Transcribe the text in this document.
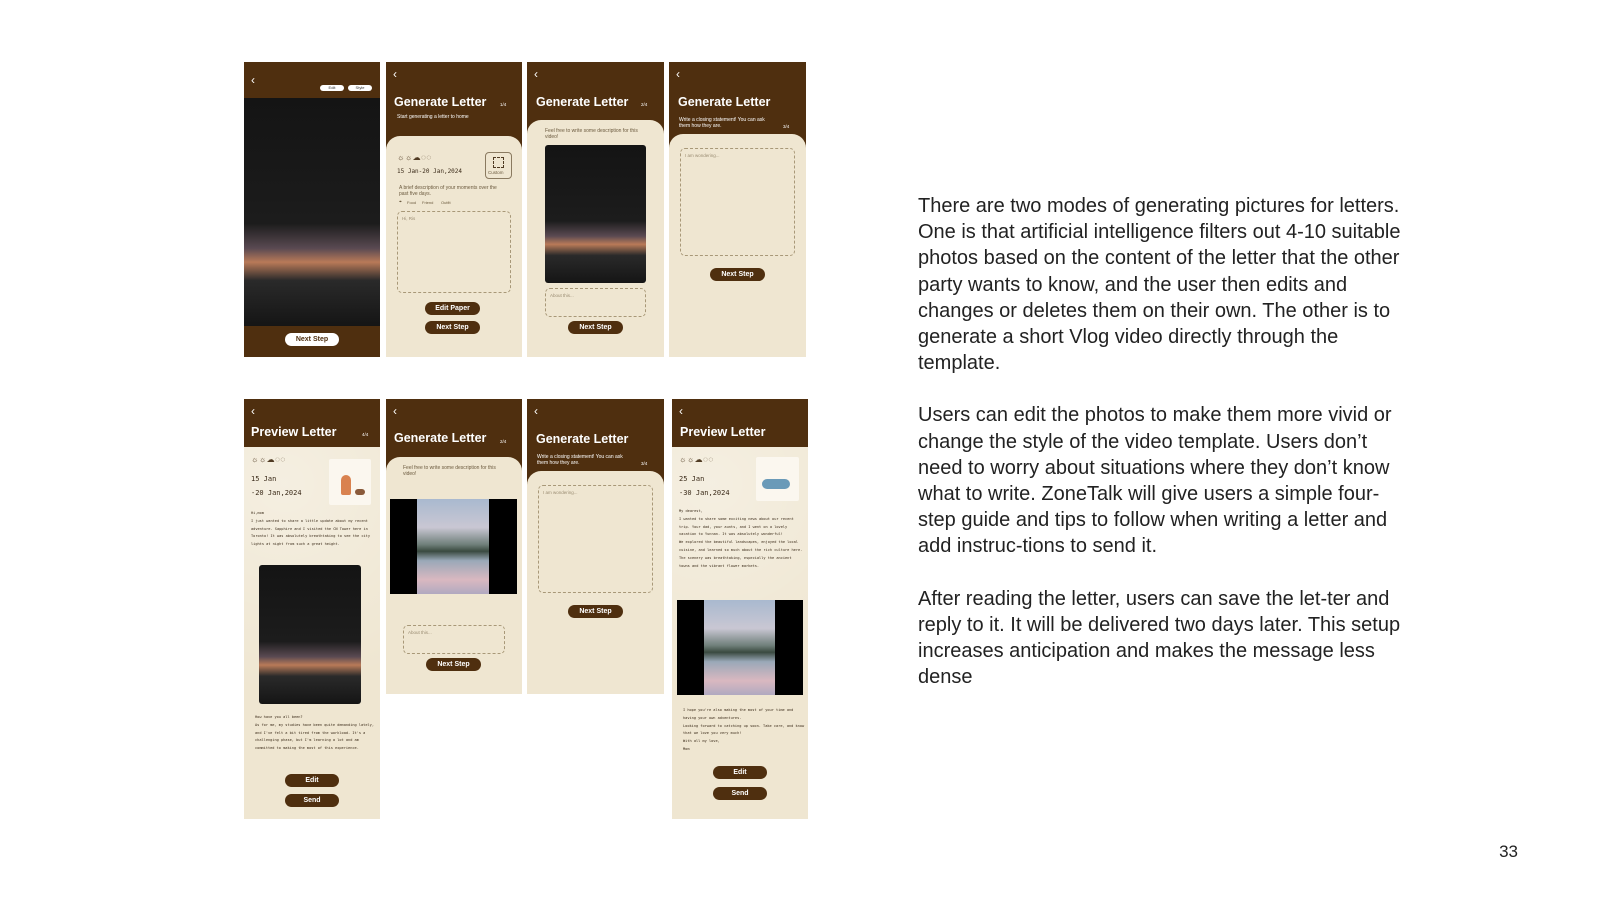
‹
Edit	Style
Next Step
‹
Generate Letter	1/4
Start generating a letter to home
☼☼☁◌◌
Custom
15 Jan-20 Jan,2024
A brief description of your moments over the past five days.
⌖ Food Friend Outfit
Hi, Ris
Edit Paper
Next Step
‹
Generate Letter	2/4
Feel free to write some description for this video!
About this...
Next Step
‹
Generate Letter
Write a closing statement! You can ask them how they are.	3/4
I am wondering...
Next Step
‹
Preview Letter	4/4
☼☼☁◌◌
15 Jan
-20 Jan,2024
Hi,mom
I just wanted to share a little update about my recent adventure. Sapphire and I visited the CN Tower here in Toronto! It was absolutely breathtaking to see the city lights at night from such a great height.
How have you all been?
As for me, my studies have been quite demanding lately, and I've felt a bit tired from the workload. It's a challenging phase, but I'm learning a lot and am committed to making the most of this experience.
Edit
Send
‹
Generate Letter	2/4
Feel free to write some description for this video!
About this...
Next Step
‹
Generate Letter
Write a closing statement! You can ask them how they are.	3/4
I am wondering...
Next Step
‹
Preview Letter
☼☼☁◌◌
25 Jan
-30 Jan,2024
My dearest,
I wanted to share some exciting news about our recent trip. Your dad, your aunts, and I went on a lovely vacation to Yunnan. It was absolutely wonderful!
We explored the beautiful landscapes, enjoyed the local cuisine, and learned so much about the rich culture here. The scenery was breathtaking, especially the ancient towns and the vibrant flower markets.
I hope you're also making the most of your time and having your own adventures.
Looking forward to catching up soon. Take care, and know that we love you very much!
With all my love,
Mom
Edit
Send

There are two modes of generating pictures for letters. One is that artificial intelligence filters out 4-10 suitable photos based on the content of the letter that the other party wants to know, and the user then edits and changes or deletes them on their own. The other is to generate a short Vlog video directly through the template.

Users can edit the photos to make them more vivid or change the style of the video template. Users don’t need to worry about situations where they don’t know what to write. ZoneTalk will give users a simple four-step guide and tips to follow when writing a letter and add instruc-tions to send it.

After reading the letter, users can save the let-ter and reply to it. It will be delivered two days later. This setup increases anticipation and makes the message less dense

33
